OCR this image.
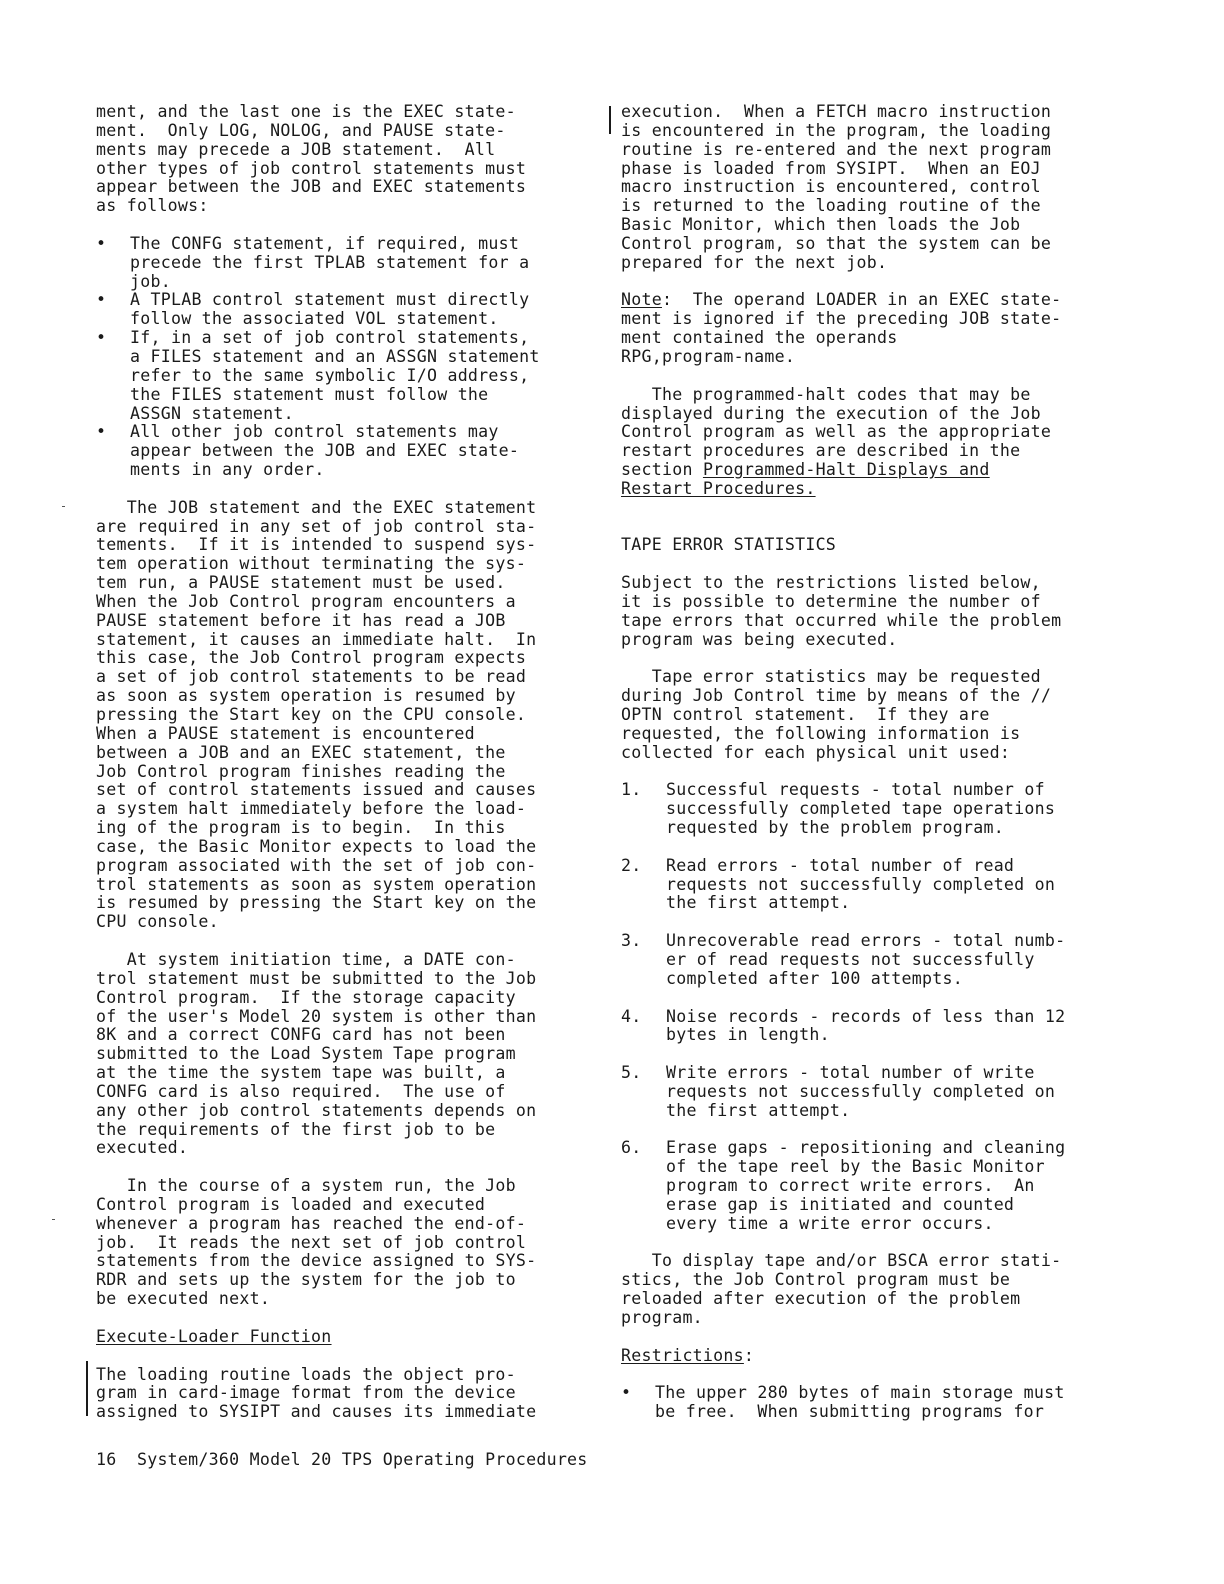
ment, and the last one is the EXEC state-
ment.  Only LOG, NOLOG, and PAUSE state-
ments may precede a JOB statement.  All
other types of job control statements must
appear between the JOB and EXEC statements
as follows:
• The CONFG statement, if required, must
precede the first TPLAB statement for a
job.
• A TPLAB control statement must directly
follow the associated VOL statement.
• If, in a set of job control statements,
a FILES statement and an ASSGN statement
refer to the same symbolic I/O address,
the FILES statement must follow the
ASSGN statement.
• All other job control statements may
appear between the JOB and EXEC state-
ments in any order.
The JOB statement and the EXEC statement
are required in any set of job control sta-
tements.  If it is intended to suspend sys-
tem operation without terminating the sys-
tem run, a PAUSE statement must be used.
When the Job Control program encounters a
PAUSE statement before it has read a JOB
statement, it causes an immediate halt.  In
this case, the Job Control program expects
a set of job control statements to be read
as soon as system operation is resumed by
pressing the Start key on the CPU console.
When a PAUSE statement is encountered
between a JOB and an EXEC statement, the
Job Control program finishes reading the
set of control statements issued and causes
a system halt immediately before the load-
ing of the program is to begin.  In this
case, the Basic Monitor expects to load the
program associated with the set of job con-
trol statements as soon as system operation
is resumed by pressing the Start key on the
CPU console.
At system initiation time, a DATE con-
trol statement must be submitted to the Job
Control program.  If the storage capacity
of the user's Model 20 system is other than
8K and a correct CONFG card has not been
submitted to the Load System Tape program
at the time the system tape was built, a
CONFG card is also required.  The use of
any other job control statements depends on
the requirements of the first job to be
executed.
In the course of a system run, the Job
Control program is loaded and executed
whenever a program has reached the end-of-
job.  It reads the next set of job control
statements from the device assigned to SYS-
RDR and sets up the system for the job to
be executed next.
Execute-Loader Function
The loading routine loads the object pro-
gram in card-image format from the device
assigned to SYSIPT and causes its immediate
execution.  When a FETCH macro instruction
is encountered in the program, the loading
routine is re-entered and the next program
phase is loaded from SYSIPT.  When an EOJ
macro instruction is encountered, control
is returned to the loading routine of the
Basic Monitor, which then loads the Job
Control program, so that the system can be
prepared for the next job.
Note:  The operand LOADER in an EXEC state-
ment is ignored if the preceding JOB state-
ment contained the operands
RPG,program-name.
The programmed-halt codes that may be
displayed during the execution of the Job
Control program as well as the appropriate
restart procedures are described in the
section Programmed-Halt Displays and
Restart Procedures.
TAPE ERROR STATISTICS
Subject to the restrictions listed below,
it is possible to determine the number of
tape errors that occurred while the problem
program was being executed.
Tape error statistics may be requested
during Job Control time by means of the //
OPTN control statement.  If they are
requested, the following information is
collected for each physical unit used:
1. Successful requests - total number of
successfully completed tape operations
requested by the problem program.
2. Read errors - total number of read
requests not successfully completed on
the first attempt.
3. Unrecoverable read errors - total numb-
er of read requests not successfully
completed after 100 attempts.
4. Noise records - records of less than 12
bytes in length.
5. Write errors - total number of write
requests not successfully completed on
the first attempt.
6. Erase gaps - repositioning and cleaning
of the tape reel by the Basic Monitor
program to correct write errors.  An
erase gap is initiated and counted
every time a write error occurs.
To display tape and/or BSCA error stati-
stics, the Job Control program must be
reloaded after execution of the problem
program.
Restrictions:
• The upper 280 bytes of main storage must
be free.  When submitting programs for
16  System/360 Model 20 TPS Operating Procedures
